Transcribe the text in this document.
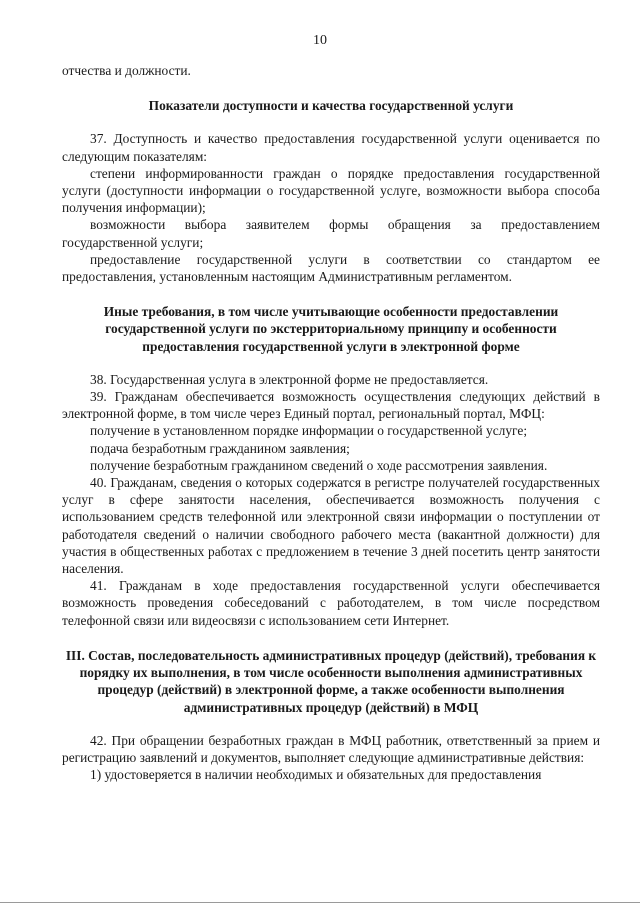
10

отчества и должности.

Показатели доступности и качества государственной услуги

37. Доступность и качество предоставления государственной услуги оценивается по следующим показателям:

степени информированности граждан о порядке предоставления государственной услуги (доступности информации о государственной услуге, возможности выбора способа получения информации);

возможности выбора заявителем формы обращения за предоставлением государственной услуги;

предоставление государственной услуги в соответствии со стандартом ее предоставления, установленным настоящим Административным регламентом.

Иные требования, в том числе учитывающие особенности предоставлении государственной услуги по экстерриториальному принципу и особенности предоставления государственной услуги в электронной форме

38. Государственная услуга в электронной форме не предоставляется.

39. Гражданам обеспечивается возможность осуществления следующих действий в электронной форме, в том числе через Единый портал, региональный портал, МФЦ:

получение в установленном порядке информации о государственной услуге;

подача безработным гражданином заявления;

получение безработным гражданином сведений о ходе рассмотрения заявления.

40. Гражданам, сведения о которых содержатся в регистре получателей государственных услуг в сфере занятости населения, обеспечивается возможность получения с использованием средств телефонной или электронной связи информации о поступлении от работодателя сведений о наличии свободного рабочего места (вакантной должности) для участия в общественных работах с предложением в течение 3 дней посетить центр занятости населения.

41. Гражданам в ходе предоставления государственной услуги обеспечивается возможность проведения собеседований с работодателем, в том числе посредством телефонной связи или видеосвязи с использованием сети Интернет.

III. Состав, последовательность административных процедур (действий), требования к порядку их выполнения, в том числе особенности выполнения административных процедур (действий) в электронной форме, а также особенности выполнения административных процедур (действий) в МФЦ

42. При обращении безработных граждан в МФЦ работник, ответственный за прием и регистрацию заявлений и документов, выполняет следующие административные действия:

1) удостоверяется в наличии необходимых и обязательных для предоставления
